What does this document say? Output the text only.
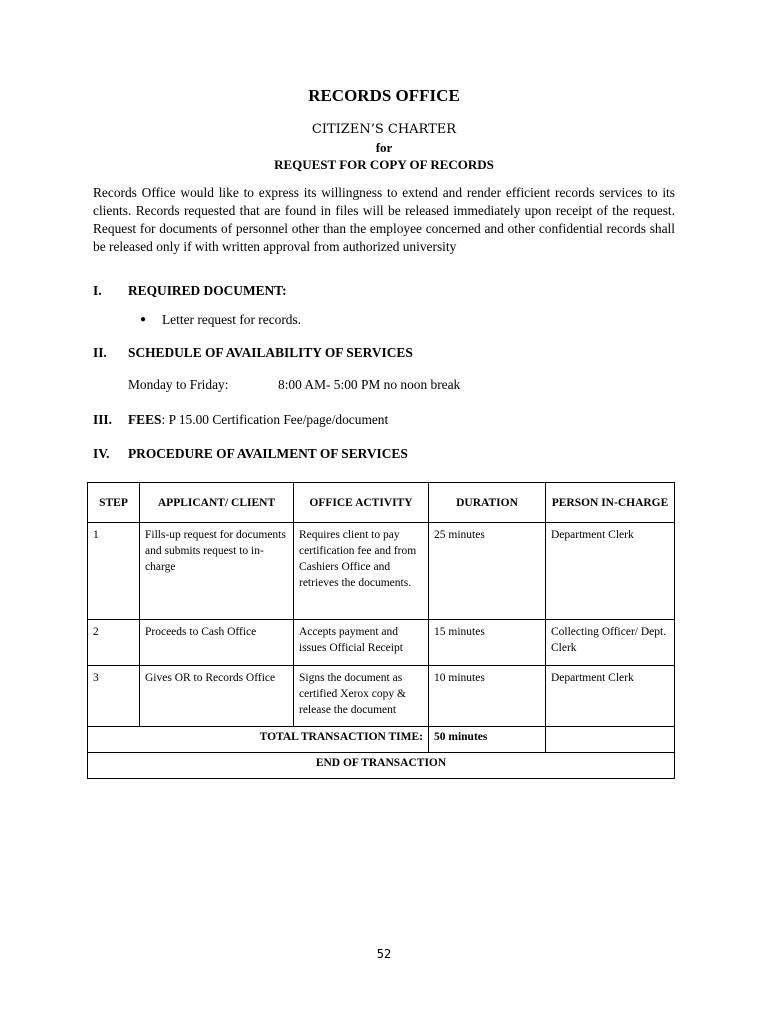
RECORDS OFFICE
CITIZEN’S CHARTER
for
REQUEST FOR COPY OF RECORDS

Records Office would like to express its willingness to extend and render efficient records services to its clients. Records requested that are found in files will be released immediately upon receipt of the request. Request for documents of personnel other than the employee concerned and other confidential records shall be released only if with written approval from authorized university

I. REQUIRED DOCUMENT:
● Letter request for records.
II. SCHEDULE OF AVAILABILITY OF SERVICES
Monday to Friday:	8:00 AM- 5:00 PM no noon break
III. FEES: P 15.00 Certification Fee/page/document
IV. PROCEDURE OF AVAILMENT OF SERVICES
STEP	APPLICANT/ CLIENT	OFFICE ACTIVITY	DURATION	PERSON IN-CHARGE
1	Fills-up request for documents and submits request to in-charge	Requires client to pay certification fee and from Cashiers Office and retrieves the documents.	25 minutes	Department Clerk
2	Proceeds to Cash Office	Accepts payment and issues Official Receipt	15 minutes	Collecting Officer/ Dept. Clerk
3	Gives OR to Records Office	Signs the document as certified Xerox copy & release the document	10 minutes	Department Clerk
TOTAL TRANSACTION TIME:			50 minutes	
END OF TRANSACTION				
52
